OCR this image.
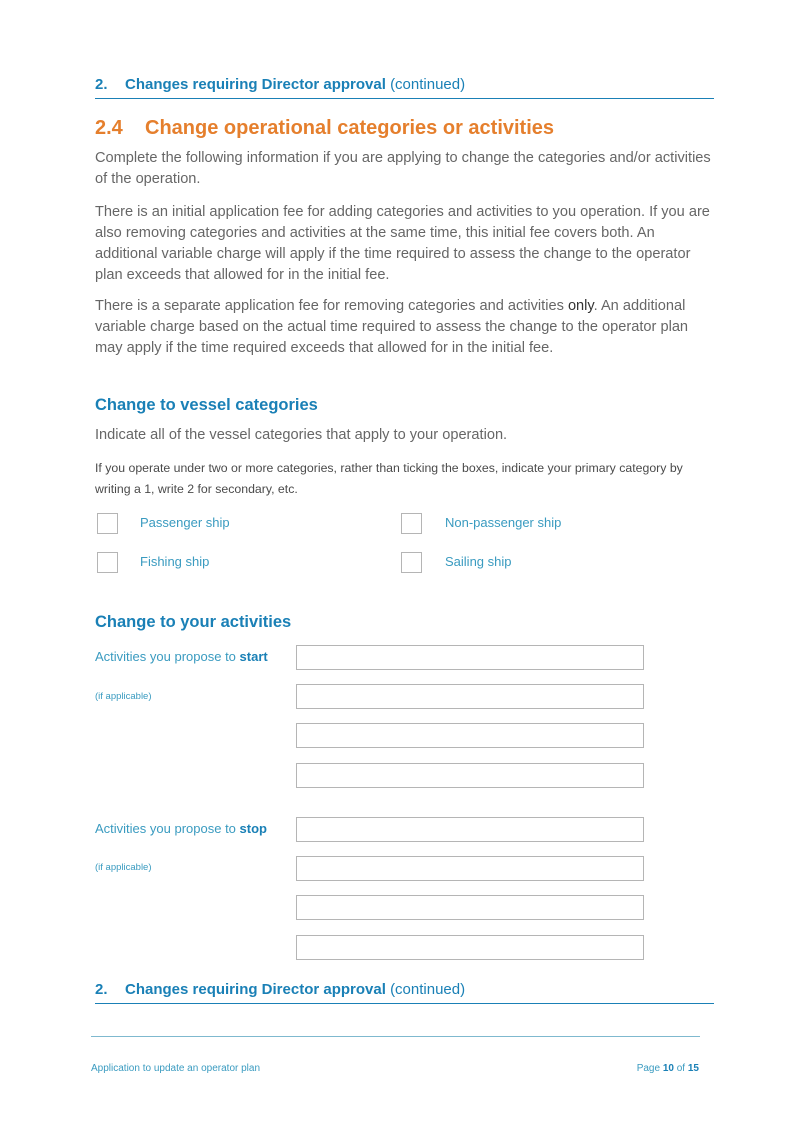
2. Changes requiring Director approval (continued)
2.4 Change operational categories or activities
Complete the following information if you are applying to change the categories and/or activities of the operation.
There is an initial application fee for adding categories and activities to you operation. If you are also removing categories and activities at the same time, this initial fee covers both. An additional variable charge will apply if the time required to assess the change to the operator plan exceeds that allowed for in the initial fee.
There is a separate application fee for removing categories and activities only. An additional variable charge based on the actual time required to assess the change to the operator plan may apply if the time required exceeds that allowed for in the initial fee.
Change to vessel categories
Indicate all of the vessel categories that apply to your operation.
If you operate under two or more categories, rather than ticking the boxes, indicate your primary category by writing a 1, write 2 for secondary, etc.
Passenger ship	Non-passenger ship
Fishing ship	Sailing ship
Change to your activities
Activities you propose to start
(if applicable)
Activities you propose to stop
(if applicable)
2. Changes requiring Director approval (continued)
Application to update an operator plan	Page 10 of 15
